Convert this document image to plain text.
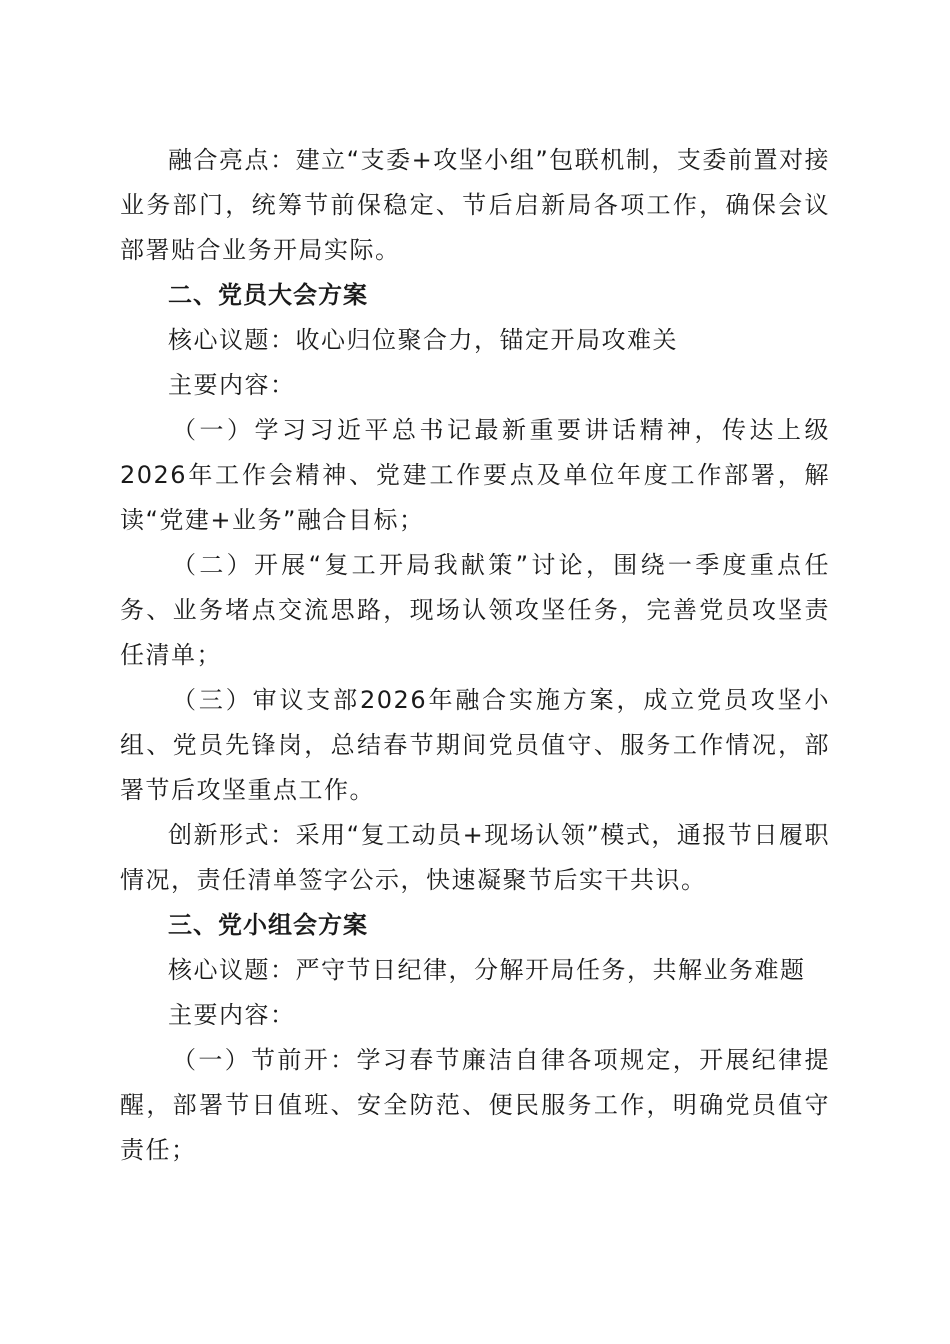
融合亮点：建立“支委+攻坚小组”包联机制，支委前置对接业务部门，统筹节前保稳定、节后启新局各项工作，确保会议部署贴合业务开局实际。

二、党员大会方案

核心议题：收心归位聚合力，锚定开局攻难关

主要内容：

（一）学习习近平总书记最新重要讲话精神，传达上级2026年工作会精神、党建工作要点及单位年度工作部署，解读“党建+业务”融合目标；

（二）开展“复工开局我献策”讨论，围绕一季度重点任务、业务堵点交流思路，现场认领攻坚任务，完善党员攻坚责任清单；

（三）审议支部2026年融合实施方案，成立党员攻坚小组、党员先锋岗，总结春节期间党员值守、服务工作情况，部署节后攻坚重点工作。

创新形式：采用“复工动员+现场认领”模式，通报节日履职情况，责任清单签字公示，快速凝聚节后实干共识。

三、党小组会方案

核心议题：严守节日纪律，分解开局任务，共解业务难题

主要内容：

（一）节前开：学习春节廉洁自律各项规定，开展纪律提醒，部署节日值班、安全防范、便民服务工作，明确党员值守责任；
